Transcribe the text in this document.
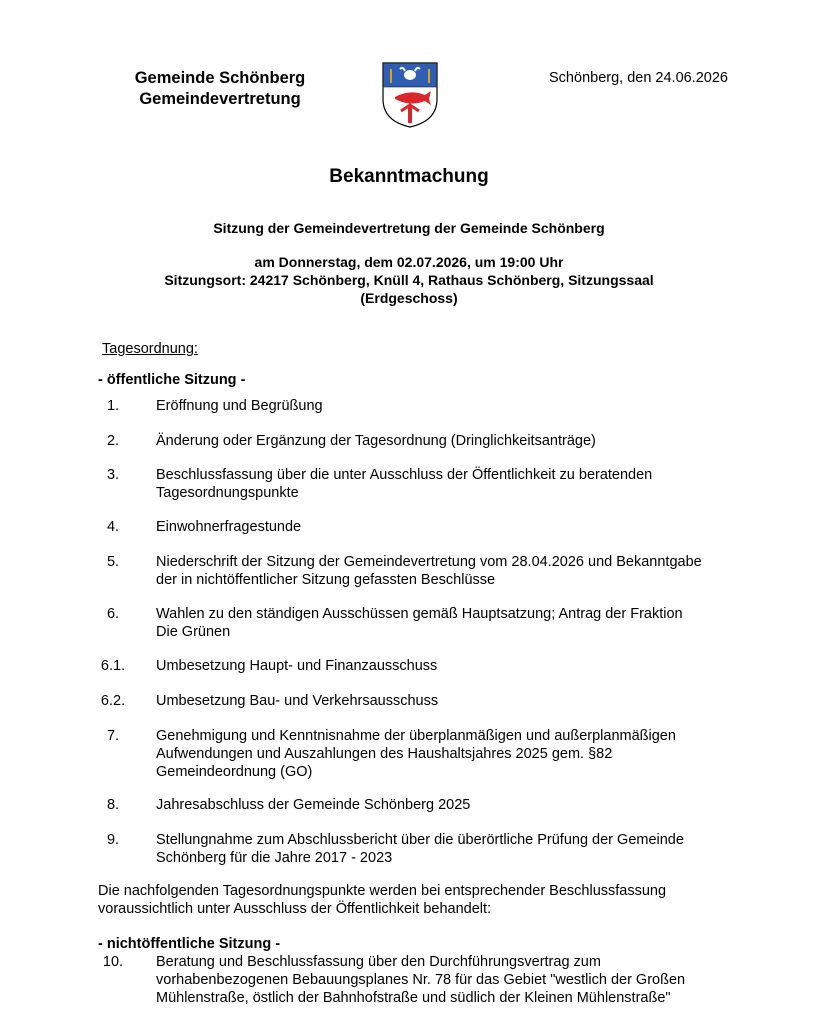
Gemeinde Schönberg
Gemeindevertretung
Schönberg, den 24.06.2026
Bekanntmachung
Sitzung der Gemeindevertretung der Gemeinde Schönberg
am Donnerstag, dem 02.07.2026, um 19:00 Uhr
Sitzungsort: 24217 Schönberg, Knüll 4, Rathaus Schönberg, Sitzungssaal
(Erdgeschoss)
Tagesordnung:
- öffentliche Sitzung -
1.	Eröffnung und Begrüßung
2.	Änderung oder Ergänzung der Tagesordnung (Dringlichkeitsanträge)
3.	Beschlussfassung über die unter Ausschluss der Öffentlichkeit zu beratenden
Tagesordnungspunkte
4.	Einwohnerfragestunde
5.	Niederschrift der Sitzung der Gemeindevertretung vom 28.04.2026 und Bekanntgabe
der in nichtöffentlicher Sitzung gefassten Beschlüsse
6.	Wahlen zu den ständigen Ausschüssen gemäß Hauptsatzung; Antrag der Fraktion
Die Grünen
6.1.	Umbesetzung Haupt- und Finanzausschuss
6.2.	Umbesetzung Bau- und Verkehrsausschuss
7.	Genehmigung und Kenntnisnahme der überplanmäßigen und außerplanmäßigen
Aufwendungen und Auszahlungen des Haushaltsjahres 2025 gem. §82
Gemeindeordnung (GO)
8.	Jahresabschluss der Gemeinde Schönberg 2025
9.	Stellungnahme zum Abschlussbericht über die überörtliche Prüfung der Gemeinde
Schönberg für die Jahre 2017 - 2023
Die nachfolgenden Tagesordnungspunkte werden bei entsprechender Beschlussfassung
voraussichtlich unter Ausschluss der Öffentlichkeit behandelt:
- nichtöffentliche Sitzung -
10.	Beratung und Beschlussfassung über den Durchführungsvertrag zum
vorhabenbezogenen Bebauungsplanes Nr. 78 für das Gebiet "westlich der Großen
Mühlenstraße, östlich der Bahnhofstraße und südlich der Kleinen Mühlenstraße"
